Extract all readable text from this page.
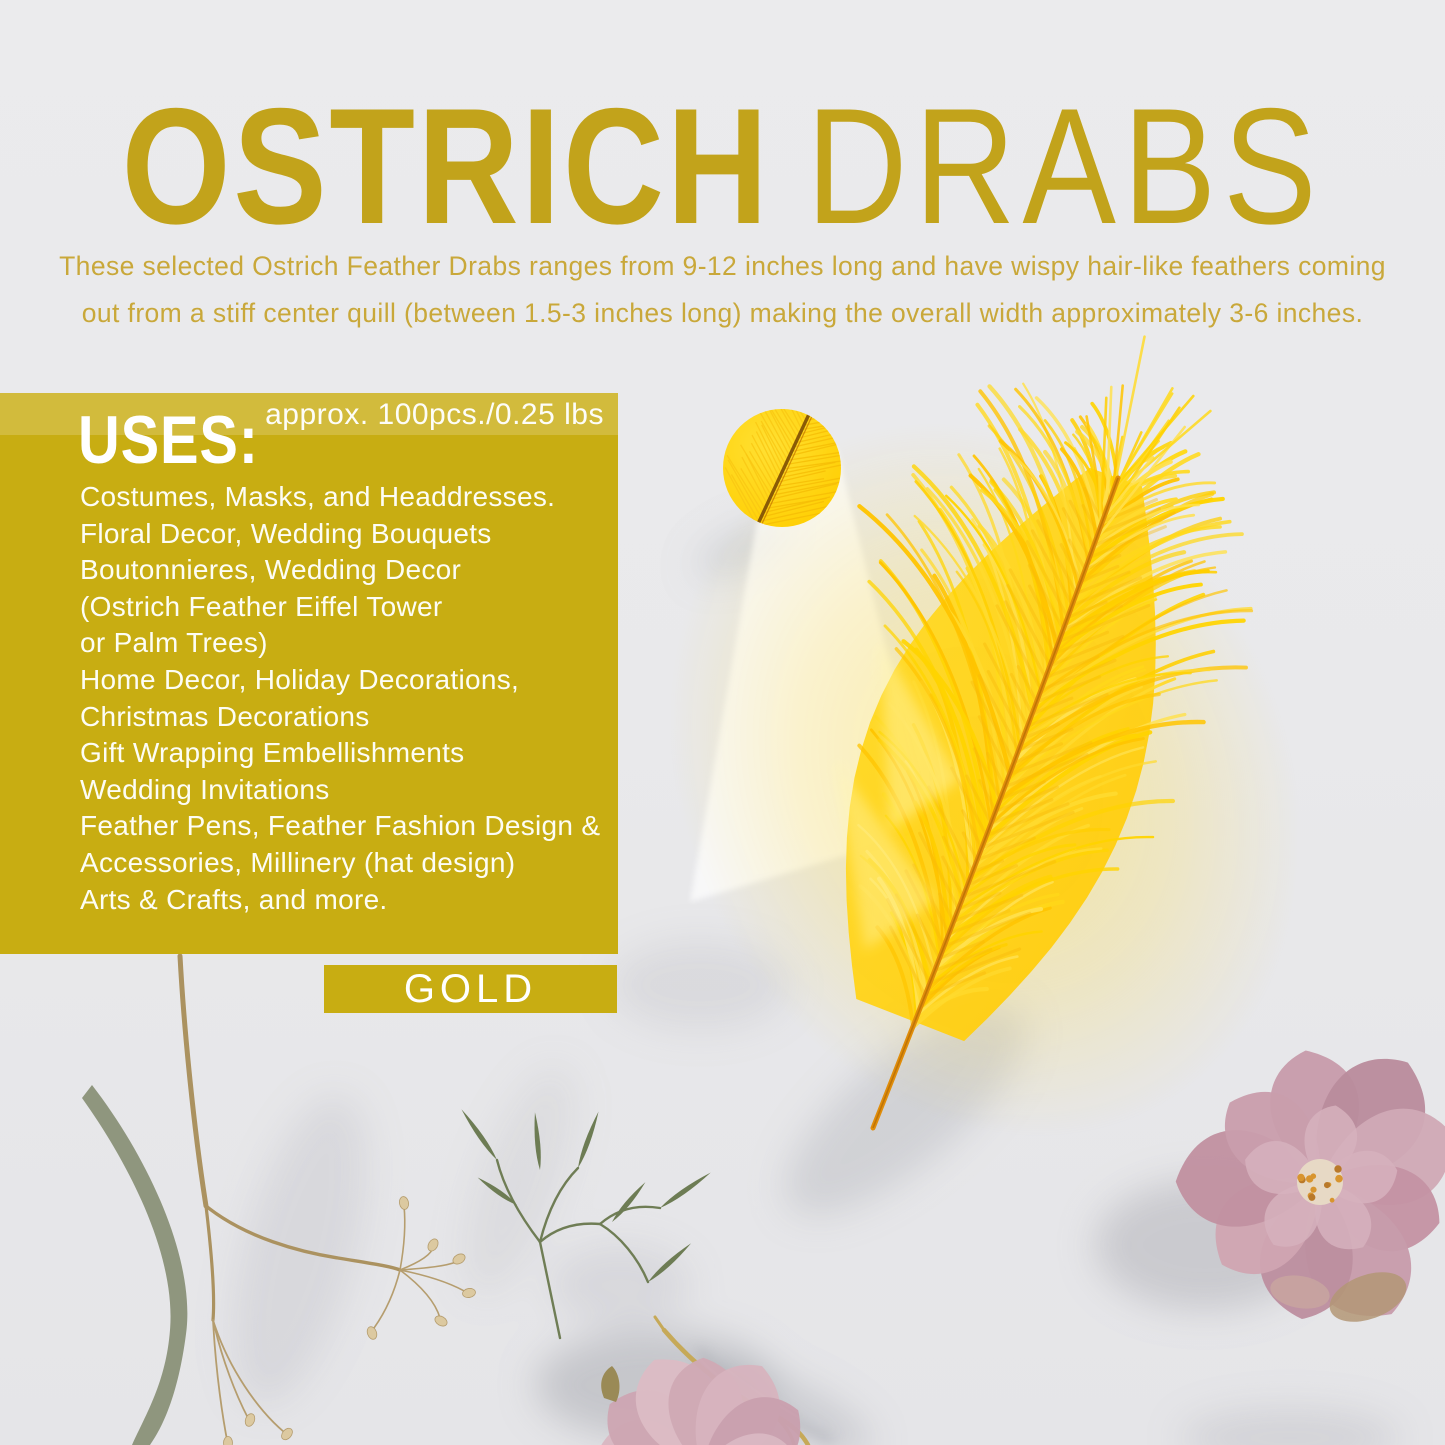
OSTRICH DRABS
These selected Ostrich Feather Drabs ranges from 9-12 inches long and have wispy hair-like feathers coming
out from a stiff center quill (between 1.5-3 inches long) making the overall width approximately 3-6 inches.
USES: approx. 100pcs./0.25 lbs
Costumes, Masks, and Headdresses.
Floral Decor, Wedding Bouquets
Boutonnieres, Wedding Decor
(Ostrich Feather Eiffel Tower
or Palm Trees)
Home Decor, Holiday Decorations,
Christmas Decorations
Gift Wrapping Embellishments
Wedding Invitations
Feather Pens, Feather Fashion Design &
Accessories, Millinery (hat design)
Arts & Crafts, and more.
GOLD
